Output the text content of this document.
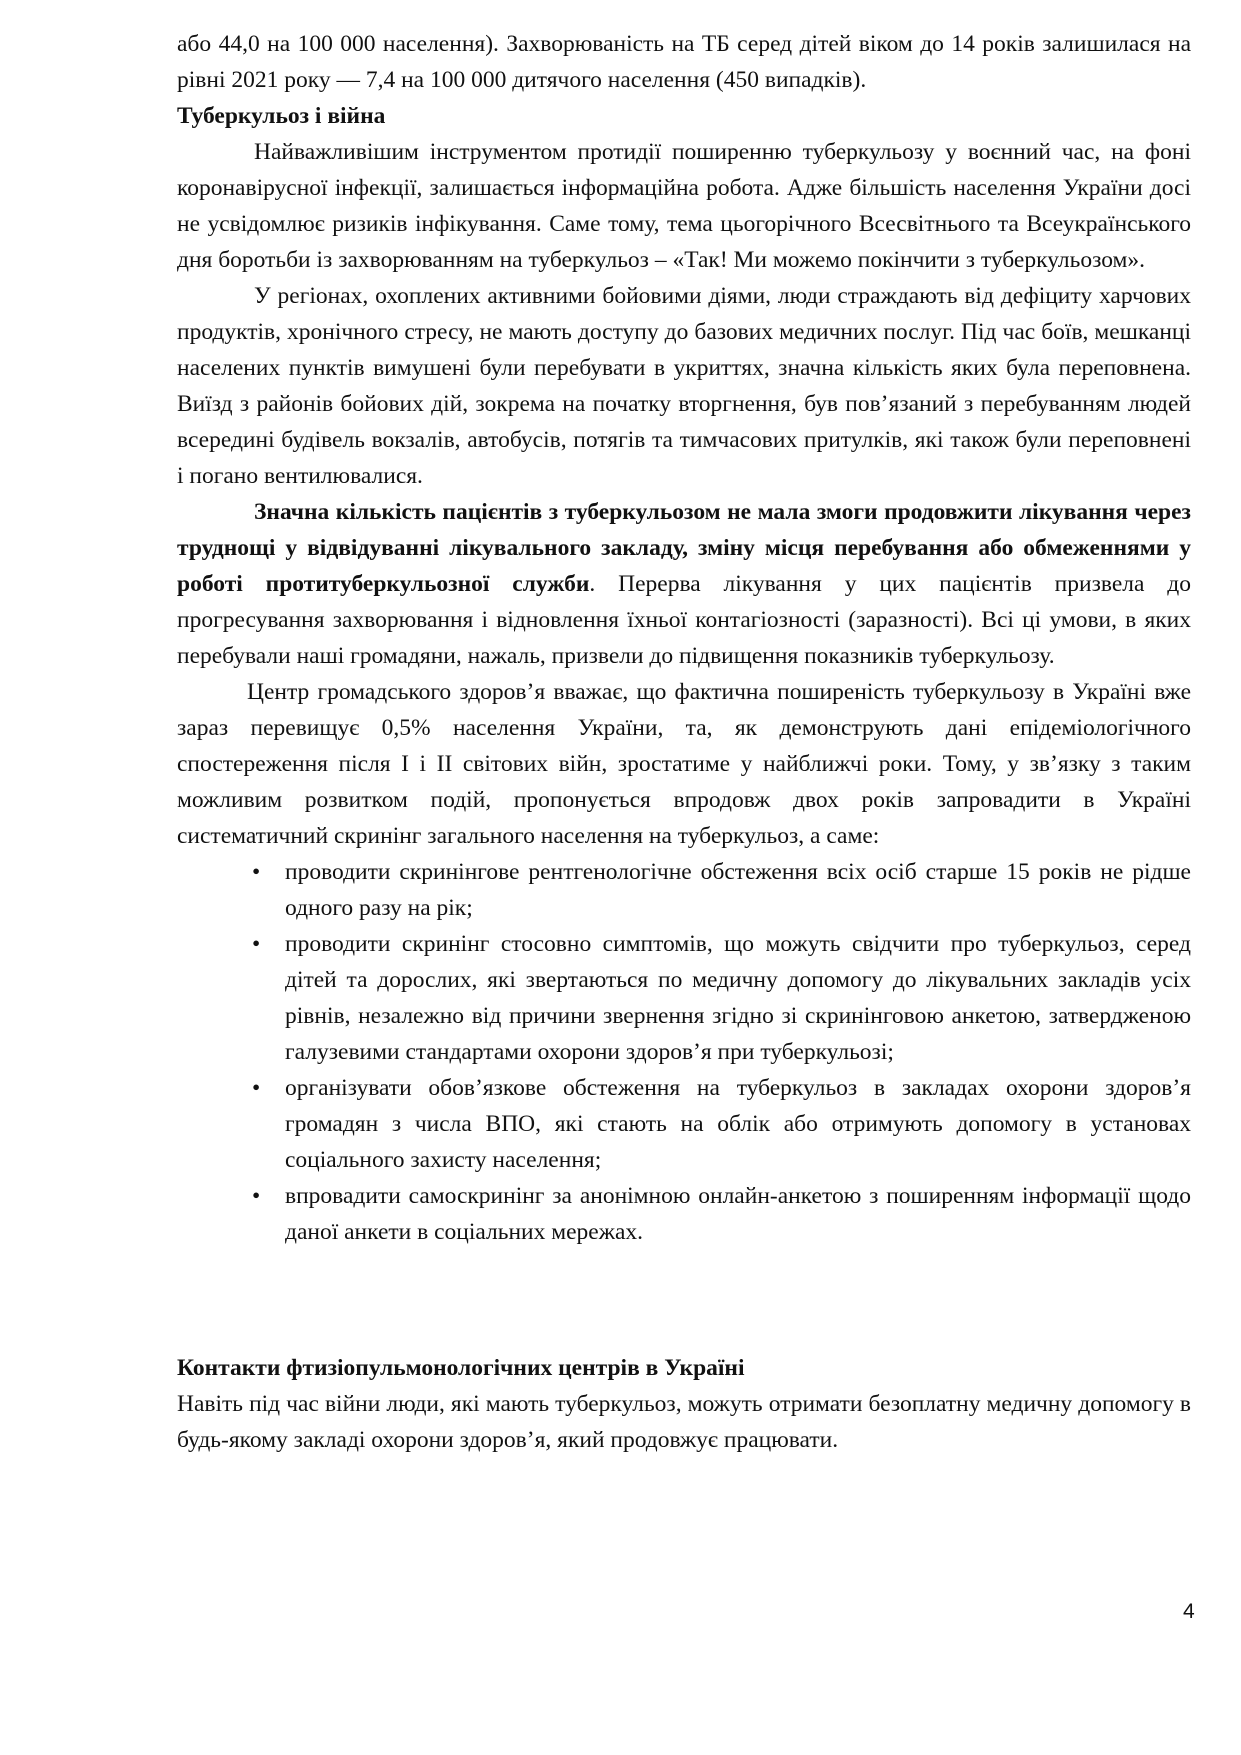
або 44,0 на 100 000 населення). Захворюваність на ТБ серед дітей віком до 14 років залишилася на рівні 2021 року — 7,4 на 100 000 дитячого населення (450 випадків).

Туберкульоз і війна

Найважливішим інструментом протидії поширенню туберкульозу у воєнний час, на фоні коронавірусної інфекції, залишається інформаційна робота. Адже більшість населення України досі не усвідомлює ризиків інфікування. Саме тому, тема цьогорічного Всесвітнього та Всеукраїнського дня боротьби із захворюванням на туберкульоз – «Так! Ми можемо покінчити з туберкульозом».

У регіонах, охоплених активними бойовими діями, люди страждають від дефіциту харчових продуктів, хронічного стресу, не мають доступу до базових медичних послуг. Під час боїв, мешканці населених пунктів вимушені були перебувати в укриттях, значна кількість яких була переповнена. Виїзд з районів бойових дій, зокрема на початку вторгнення, був пов’язаний з перебуванням людей всередині будівель вокзалів, автобусів, потягів та тимчасових притулків, які також були переповнені і погано вентилювалися.

Значна кількість пацієнтів з туберкульозом не мала змоги продовжити лікування через труднощі у відвідуванні лікувального закладу, зміну місця перебування або обмеженнями у роботі протитуберкульозної служби. Перерва лікування у цих пацієнтів призвела до прогресування захворювання і відновлення їхньої контагіозності (заразності). Всі ці умови, в яких перебували наші громадяни, нажаль, призвели до підвищення показників туберкульозу.

Центр громадського здоров’я вважає, що фактична поширеність туберкульозу в Україні вже зараз перевищує 0,5% населення України, та, як демонструють дані епідеміологічного спостереження після І і ІІ світових війн, зростатиме у найближчі роки. Тому, у зв’язку з таким можливим розвитком подій, пропонується впродовж двох років запровадити в Україні систематичний скринінг загального населення на туберкульоз, а саме:

• проводити скринінгове рентгенологічне обстеження всіх осіб старше 15 років не рідше одного разу на рік;
• проводити скринінг стосовно симптомів, що можуть свідчити про туберкульоз, серед дітей та дорослих, які звертаються по медичну допомогу до лікувальних закладів усіх рівнів, незалежно від причини звернення згідно зі скринінговою анкетою, затвердженою галузевими стандартами охорони здоров’я при туберкульозі;
• організувати обов’язкове обстеження на туберкульоз в закладах охорони здоров’я громадян з числа ВПО, які стають на облік або отримують допомогу в установах соціального захисту населення;
• впровадити самоскринінг за анонімною онлайн-анкетою з поширенням інформації щодо даної анкети в соціальних мережах.
Контакти фтизіопульмонологічних центрів в Україні

Навіть під час війни люди, які мають туберкульоз, можуть отримати безоплатну медичну допомогу в будь-якому закладі охорони здоров’я, який продовжує працювати.

4
